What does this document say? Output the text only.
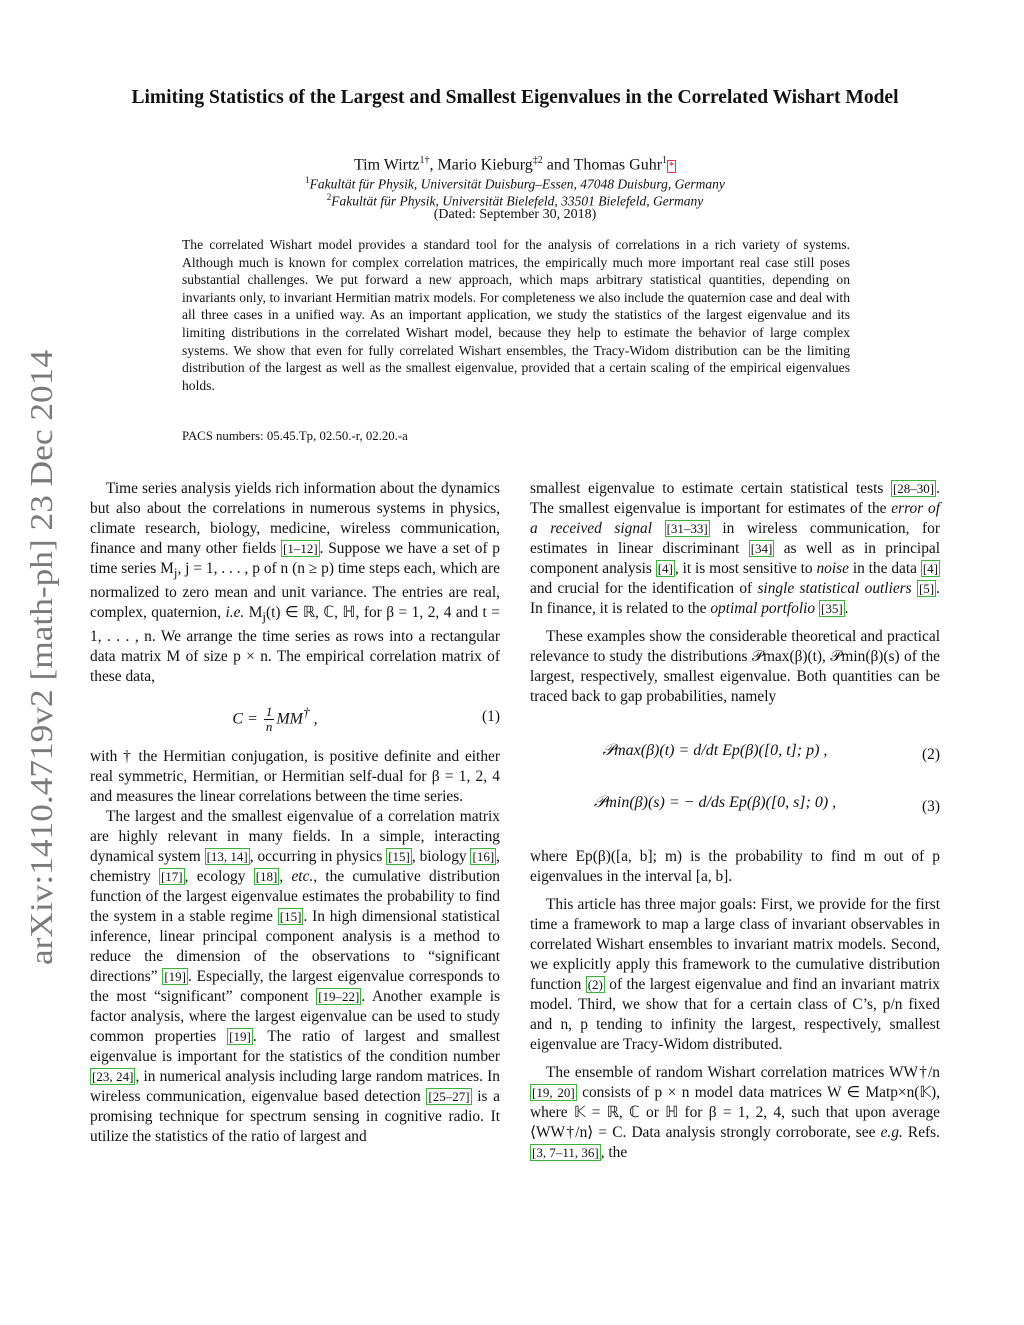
arXiv:1410.4719v2 [math-ph] 23 Dec 2014
Limiting Statistics of the Largest and Smallest Eigenvalues in the Correlated Wishart Model
Tim Wirtz$^{1\dagger}$, Mario Kieburg$^{\ddagger 2}$ and Thomas Guhr$^1$*
$^1$Fakultät für Physik, Universität Duisburg–Essen, 47048 Duisburg, Germany
$^2$Fakultät für Physik, Universität Bielefeld, 33501 Bielefeld, Germany
(Dated: September 30, 2018)
The correlated Wishart model provides a standard tool for the analysis of correlations in a rich variety of systems. Although much is known for complex correlation matrices, the empirically much more important real case still poses substantial challenges. We put forward a new approach, which maps arbitrary statistical quantities, depending on invariants only, to invariant Hermitian matrix models. For completeness we also include the quaternion case and deal with all three cases in a unified way. As an important application, we study the statistics of the largest eigenvalue and its limiting distributions in the correlated Wishart model, because they help to estimate the behavior of large complex systems. We show that even for fully correlated Wishart ensembles, the Tracy-Widom distribution can be the limiting distribution of the largest as well as the smallest eigenvalue, provided that a certain scaling of the empirical eigenvalues holds.
PACS numbers: 05.45.Tp, 02.50.-r, 02.20.-a

Time series analysis yields rich information about the dynamics but also about the correlations in numerous systems in physics, climate research, biology, medicine, wireless communication, finance and many other fields [1–12] . Suppose we have a set of p time series $M_j$, j = 1, . . . , p of n (n ≥ p) time steps each, which are normalized to zero mean and unit variance. The entries are real, complex, quaternion, i.e. $M_j(t)$ ∈ ℝ, ℂ, ℍ, for β = 1, 2, 4 and t = 1, . . . , n. We arrange the time series as rows into a rectangular data matrix M of size p × n. The empirical correlation matrix of these data,

$C = \frac{1}{n} MM^\dagger$ ,	(1)

with † the Hermitian conjugation, is positive definite and either real symmetric, Hermitian, or Hermitian self-dual for β = 1, 2, 4 and measures the linear correlations between the time series.

The largest and the smallest eigenvalue of a correlation matrix are highly relevant in many fields. In a simple, interacting dynamical system [13, 14] , occurring in physics [15] , biology [16] , chemistry [17] , ecology [18] , etc., the cumulative distribution function of the largest eigenvalue estimates the probability to find the system in a stable regime [15] . In high dimensional statistical inference, linear principal component analysis is a method to reduce the dimension of the observations to “significant directions” [19] . Especially, the largest eigenvalue corresponds to the most “significant” component [19–22] . Another example is factor analysis, where the largest eigenvalue can be used to study common properties [19] . The ratio of largest and smallest eigenvalue is important for the statistics of the condition number [23, 24] , in numerical analysis including large random matrices. In wireless communication, eigenvalue based detection [25–27] is a promising technique for spectrum sensing in cognitive radio. It utilize the statistics of the ratio of largest and

smallest eigenvalue to estimate certain statistical tests [28–30] . The smallest eigenvalue is important for estimates of the error of a received signal [31–33] in wireless communication, for estimates in linear discriminant [34] as well as in principal component analysis [4] , it is most sensitive to noise in the data [4] and crucial for the identification of single statistical outliers [5] . In finance, it is related to the optimal portfolio [35] .

These examples show the considerable theoretical and practical relevance to study the distributions 𝒫max(β)(t), 𝒫min(β)(s) of the largest, respectively, smallest eigenvalue. Both quantities can be traced back to gap probabilities, namely

𝒫max(β)(t) = d/dt Ep(β)([0, t]; p) ,	(2)
𝒫min(β)(s) = − d/ds Ep(β)([0, s]; 0) ,	(3)

where Ep(β)([a, b]; m) is the probability to find m out of p eigenvalues in the interval [a, b].

This article has three major goals: First, we provide for the first time a framework to map a large class of invariant observables in correlated Wishart ensembles to invariant matrix models. Second, we explicitly apply this framework to the cumulative distribution function (2) of the largest eigenvalue and find an invariant matrix model. Third, we show that for a certain class of C’s, p/n fixed and n, p tending to infinity the largest, respectively, smallest eigenvalue are Tracy-Widom distributed.

The ensemble of random Wishart correlation matrices WW†/n [19, 20] consists of p × n model data matrices W ∈ Matp×n(𝕂), where 𝕂 = ℝ, ℂ or ℍ for β = 1, 2, 4, such that upon average ⟨WW†/n⟩ = C. Data analysis strongly corroborate, see e.g. Refs. [3, 7–11, 36] , the
